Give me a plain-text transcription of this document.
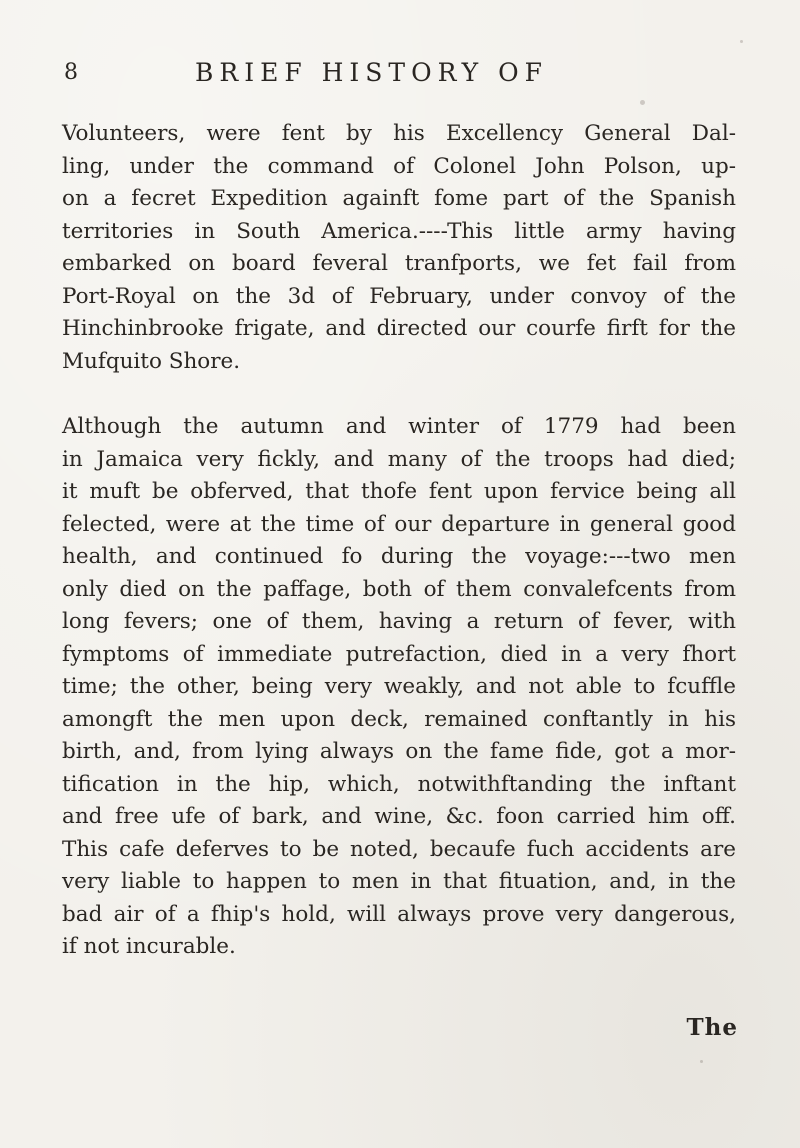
8	BRIEF HISTORY OF
Volunteers, were fent by his Excellency General Dal-
ling, under the command of Colonel John Polson, up-
on a fecret Expedition againft fome part of the Spanish
territories in South America.----This little army having
embarked on board feveral tranfports, we fet fail from
Port-Royal on the 3d of February, under convoy of the
Hinchinbrooke frigate, and directed our courfe firft for the
Mufquito Shore.
Although the autumn and winter of 1779 had been
in Jamaica very fickly, and many of the troops had died;
it muft be obferved, that thofe fent upon fervice being all
felected, were at the time of our departure in general good
health, and continued fo during the voyage:---two men
only died on the paffage, both of them convalefcents from
long fevers; one of them, having a return of fever, with
fymptoms of immediate putrefaction, died in a very fhort
time; the other, being very weakly, and not able to fcuffle
amongft the men upon deck, remained conftantly in his
birth, and, from lying always on the fame fide, got a mor-
tification in the hip, which, notwithftanding the inftant
and free ufe of bark, and wine, &c. foon carried him off.
This cafe deferves to be noted, becaufe fuch accidents are
very liable to happen to men in that fituation, and, in the
bad air of a fhip's hold, will always prove very dangerous,
if not incurable.
The
